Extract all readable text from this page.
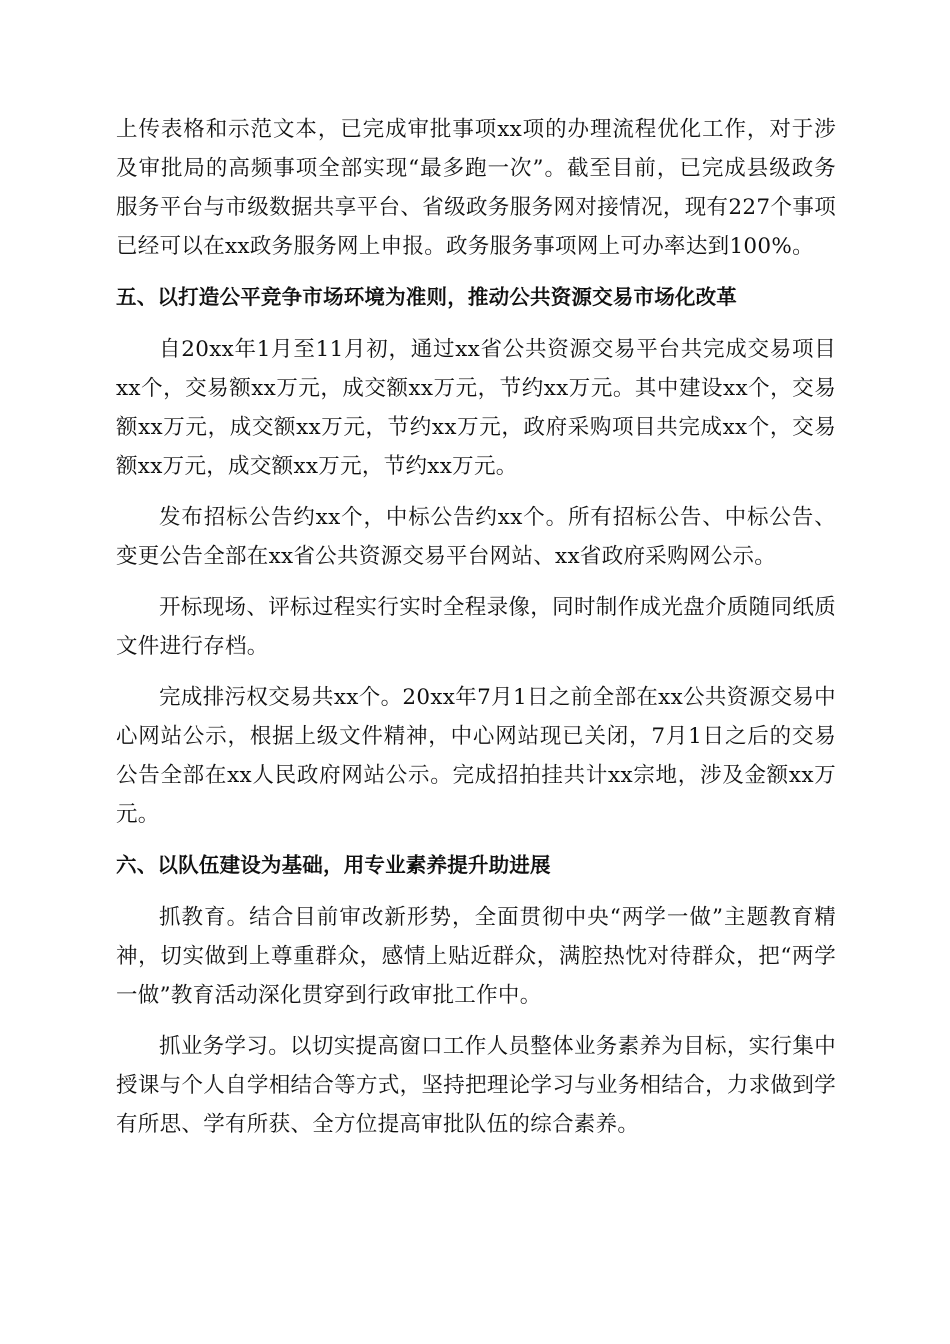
上传表格和示范文本，已完成审批事项xx项的办理流程优化工作，对于涉及审批局的高频事项全部实现“最多跑一次”。截至目前，已完成县级政务服务平台与市级数据共享平台、省级政务服务网对接情况，现有227个事项已经可以在xx政务服务网上申报。政务服务事项网上可办率达到100%。

五、以打造公平竞争市场环境为准则，推动公共资源交易市场化改革

自20xx年1月至11月初，通过xx省公共资源交易平台共完成交易项目xx个，交易额xx万元，成交额xx万元，节约xx万元。其中建设xx个，交易额xx万元，成交额xx万元，节约xx万元，政府采购项目共完成xx个，交易额xx万元，成交额xx万元，节约xx万元。

发布招标公告约xx个，中标公告约xx个。所有招标公告、中标公告、变更公告全部在xx省公共资源交易平台网站、xx省政府采购网公示。

开标现场、评标过程实行实时全程录像，同时制作成光盘介质随同纸质文件进行存档。

完成排污权交易共xx个。20xx年7月1日之前全部在xx公共资源交易中心网站公示，根据上级文件精神，中心网站现已关闭，7月1日之后的交易公告全部在xx人民政府网站公示。完成招拍挂共计xx宗地，涉及金额xx万元。

六、以队伍建设为基础，用专业素养提升助进展

抓教育。结合目前审改新形势，全面贯彻中央“两学一做”主题教育精神，切实做到上尊重群众，感情上贴近群众，满腔热忱对待群众，把“两学一做”教育活动深化贯穿到行政审批工作中。

抓业务学习。以切实提高窗口工作人员整体业务素养为目标，实行集中授课与个人自学相结合等方式，坚持把理论学习与业务相结合，力求做到学有所思、学有所获、全方位提高审批队伍的综合素养。
